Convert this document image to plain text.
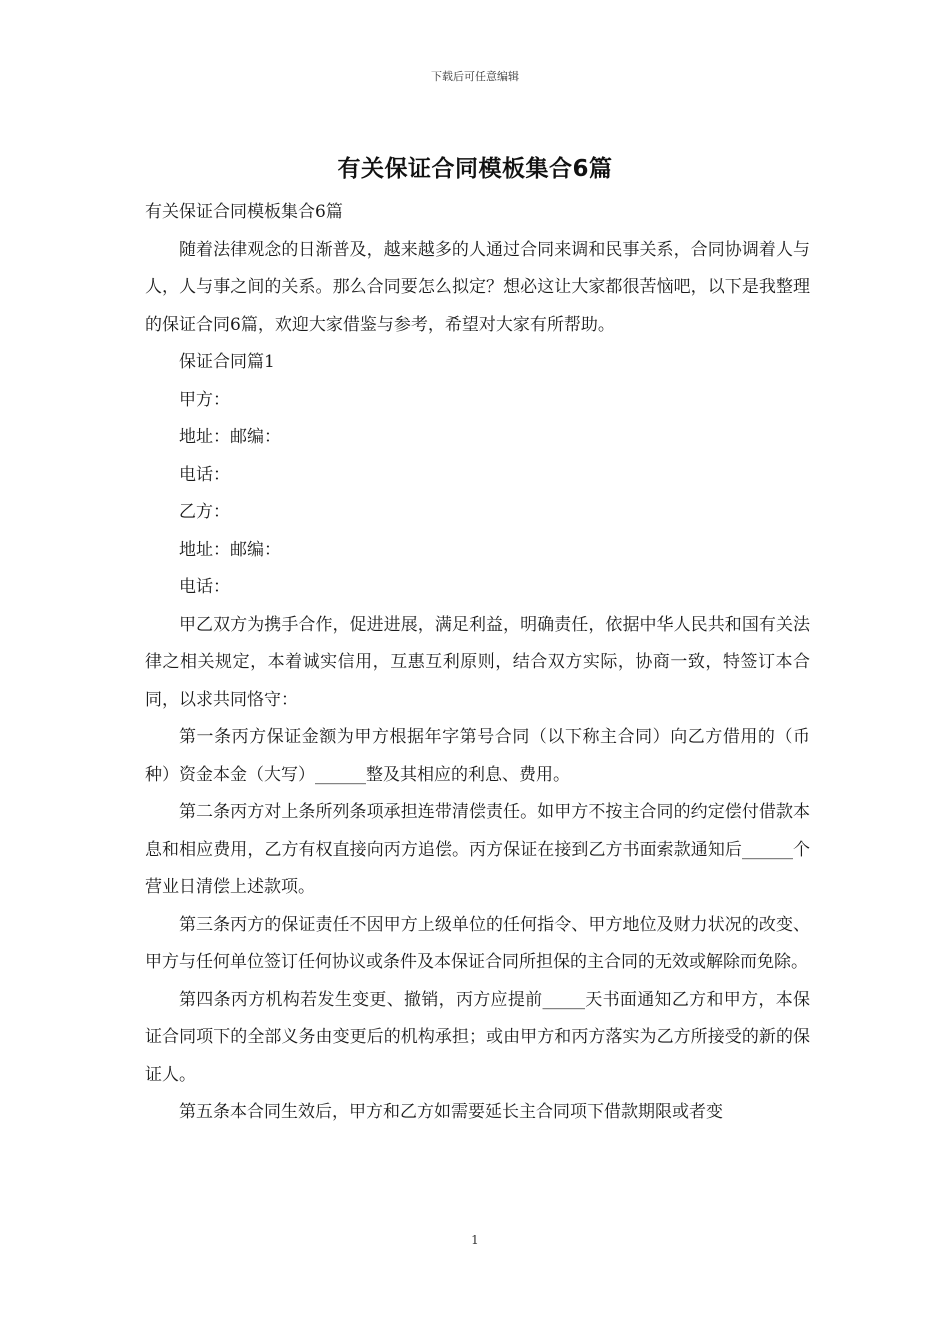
下载后可任意编辑
有关保证合同模板集合6篇

有关保证合同模板集合6篇

随着法律观念的日渐普及，越来越多的人通过合同来调和民事关系，合同协调着人与人，人与事之间的关系。那么合同要怎么拟定？想必这让大家都很苦恼吧，以下是我整理的保证合同6篇，欢迎大家借鉴与参考，希望对大家有所帮助。

保证合同篇1

甲方：

地址：邮编：

电话：

乙方：

地址：邮编：

电话：

甲乙双方为携手合作，促进进展，满足利益，明确责任，依据中华人民共和国有关法律之相关规定，本着诚实信用，互惠互利原则，结合双方实际，协商一致，特签订本合同，以求共同恪守：

第一条丙方保证金额为甲方根据年字第号合同（以下称主合同）向乙方借用的（币种）资金本金（大写）______整及其相应的利息、费用。

第二条丙方对上条所列条项承担连带清偿责任。如甲方不按主合同的约定偿付借款本息和相应费用，乙方有权直接向丙方追偿。丙方保证在接到乙方书面索款通知后______个营业日清偿上述款项。

第三条丙方的保证责任不因甲方上级单位的任何指令、甲方地位及财力状况的改变、甲方与任何单位签订任何协议或条件及本保证合同所担保的主合同的无效或解除而免除。

第四条丙方机构若发生变更、撤销，丙方应提前_____天书面通知乙方和甲方，本保证合同项下的全部义务由变更后的机构承担；或由甲方和丙方落实为乙方所接受的新的保证人。

第五条本合同生效后，甲方和乙方如需要延长主合同项下借款期限或者变

1
